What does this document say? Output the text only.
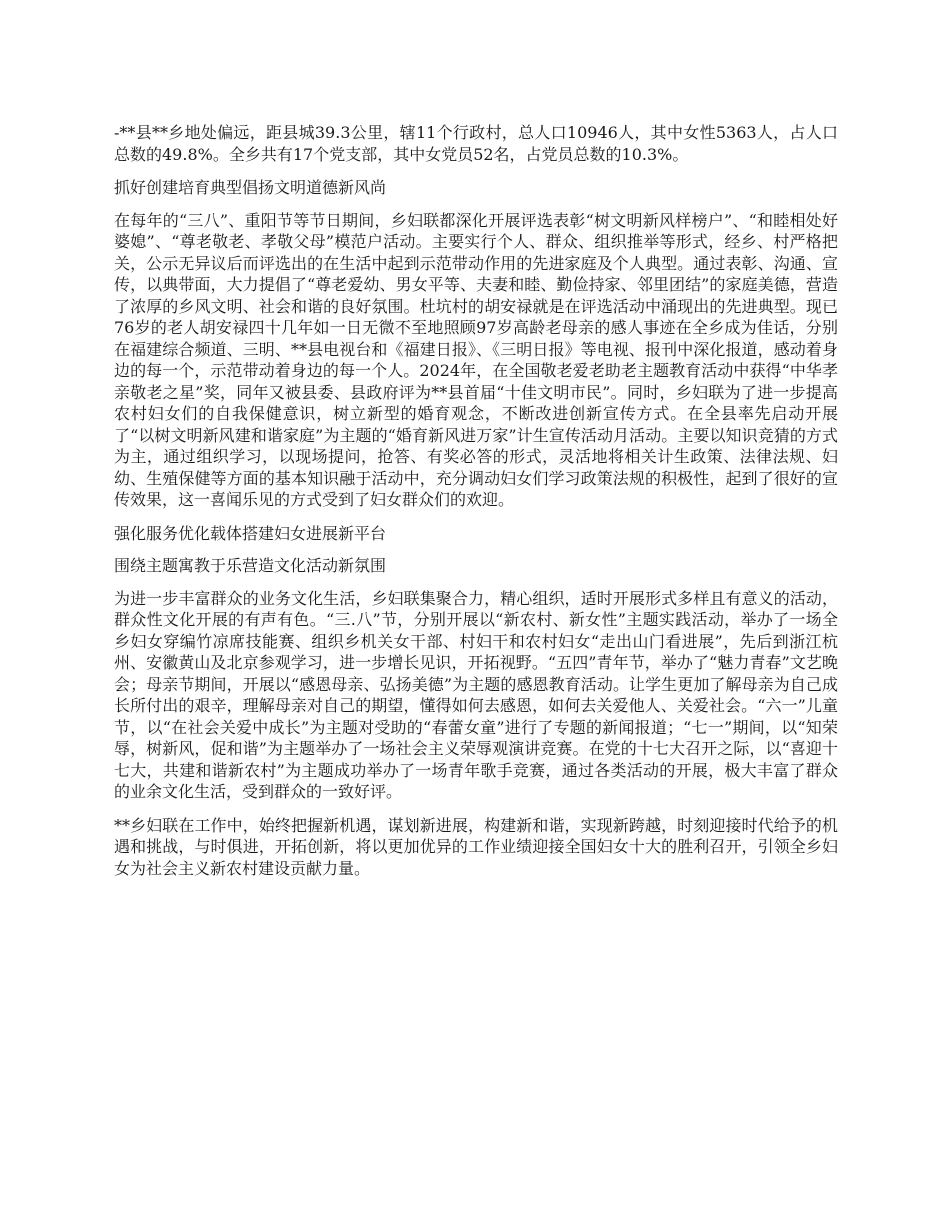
-**县**乡地处偏远，距县城39.3公里，辖11个行政村，总人口10946人，其中女性5363人，占人口总数的49.8%。全乡共有17个党支部，其中女党员52名，占党员总数的10.3%。

抓好创建培育典型倡扬文明道德新风尚

在每年的“三八”、重阳节等节日期间，乡妇联都深化开展评选表彰“树文明新风样榜户”、“和睦相处好婆媳”、“尊老敬老、孝敬父母”模范户活动。主要实行个人、群众、组织推举等形式，经乡、村严格把关，公示无异议后而评选出的在生活中起到示范带动作用的先进家庭及个人典型。通过表彰、沟通、宣传，以典带面，大力提倡了“尊老爱幼、男女平等、夫妻和睦、勤俭持家、邻里团结”的家庭美德，营造了浓厚的乡风文明、社会和谐的良好氛围。杜坑村的胡安禄就是在评选活动中涌现出的先进典型。现已76岁的老人胡安禄四十几年如一日无微不至地照顾97岁高龄老母亲的感人事迹在全乡成为佳话，分别在福建综合频道、三明、**县电视台和《福建日报》、《三明日报》等电视、报刊中深化报道，感动着身边的每一个，示范带动着身边的每一个人。2024年，在全国敬老爱老助老主题教育活动中获得“中华孝亲敬老之星”奖，同年又被县委、县政府评为**县首届“十佳文明市民”。同时，乡妇联为了进一步提高农村妇女们的自我保健意识，树立新型的婚育观念，不断改进创新宣传方式。在全县率先启动开展了“以树文明新风建和谐家庭”为主题的“婚育新风进万家”计生宣传活动月活动。主要以知识竞猜的方式为主，通过组织学习，以现场提问，抢答、有奖必答的形式，灵活地将相关计生政策、法律法规、妇幼、生殖保健等方面的基本知识融于活动中，充分调动妇女们学习政策法规的积极性，起到了很好的宣传效果，这一喜闻乐见的方式受到了妇女群众们的欢迎。

强化服务优化载体搭建妇女进展新平台

围绕主题寓教于乐营造文化活动新氛围

为进一步丰富群众的业务文化生活，乡妇联集聚合力，精心组织，适时开展形式多样且有意义的活动，群众性文化开展的有声有色。“三.八”节，分别开展以“新农村、新女性”主题实践活动，举办了一场全乡妇女穿编竹凉席技能赛、组织乡机关女干部、村妇干和农村妇女“走出山门看进展”，先后到浙江杭州、安徽黄山及北京参观学习，进一步增长见识，开拓视野。“五四”青年节，举办了“魅力青春”文艺晚会；母亲节期间，开展以“感恩母亲、弘扬美德”为主题的感恩教育活动。让学生更加了解母亲为自己成长所付出的艰辛，理解母亲对自己的期望，懂得如何去感恩，如何去关爱他人、关爱社会。“六一”儿童节，以“在社会关爱中成长”为主题对受助的“春蕾女童”进行了专题的新闻报道；“七一”期间，以“知荣辱，树新风，促和谐”为主题举办了一场社会主义荣辱观演讲竞赛。在党的十七大召开之际，以“喜迎十七大，共建和谐新农村”为主题成功举办了一场青年歌手竞赛，通过各类活动的开展，极大丰富了群众的业余文化生活，受到群众的一致好评。

**乡妇联在工作中，始终把握新机遇，谋划新进展，构建新和谐，实现新跨越，时刻迎接时代给予的机遇和挑战，与时俱进，开拓创新，将以更加优异的工作业绩迎接全国妇女十大的胜利召开，引领全乡妇女为社会主义新农村建设贡献力量。
